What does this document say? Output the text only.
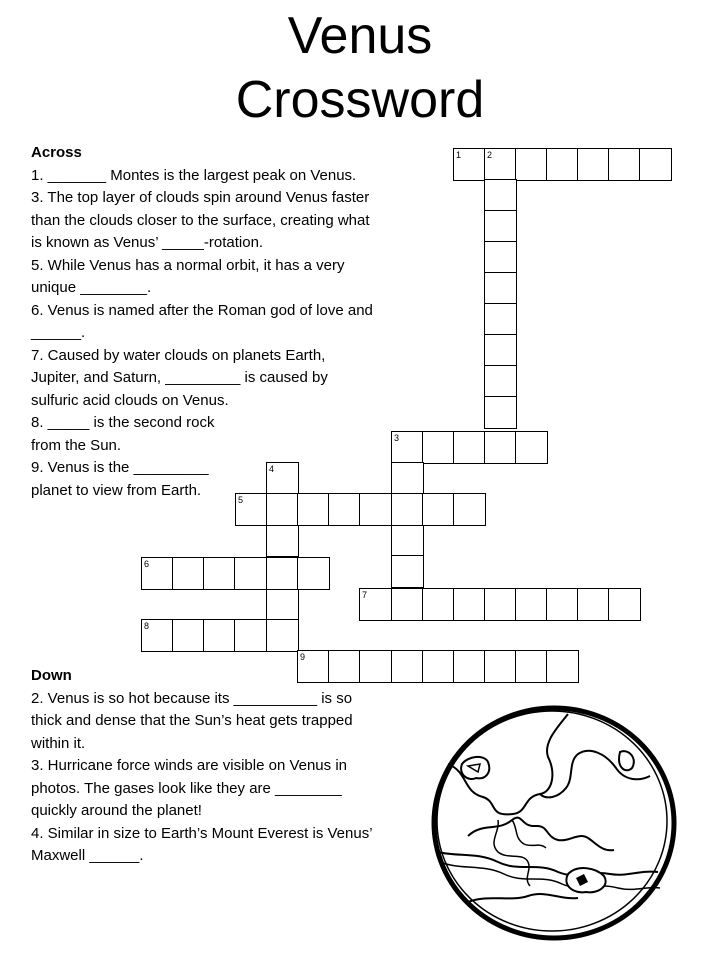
Venus
Crossword

Across

1. _______ Montes is the largest peak on Venus.

3. The top layer of clouds spin around Venus faster than the clouds closer to the surface, creating what is known as Venus’ _____-rotation.

5. While Venus has a normal orbit, it has a very unique ________.

6. Venus is named after the Roman god of love and ______.

7. Caused by water clouds on planets Earth, Jupiter, and Saturn, _________ is caused by sulfuric acid clouds on Venus.

8. _____ is the second rock from the Sun.

9. Venus is the _________ planet to view from Earth.

Down

2. Venus is so hot because its __________ is so thick and dense that the Sun’s heat gets trapped within it.

3. Hurricane force winds are visible on Venus in photos. The gases look like they are ________ quickly around the planet!

4. Similar in size to Earth’s Mount Everest is Venus’ Maxwell ______.

1	2
3
4
5
6
7
8
9
